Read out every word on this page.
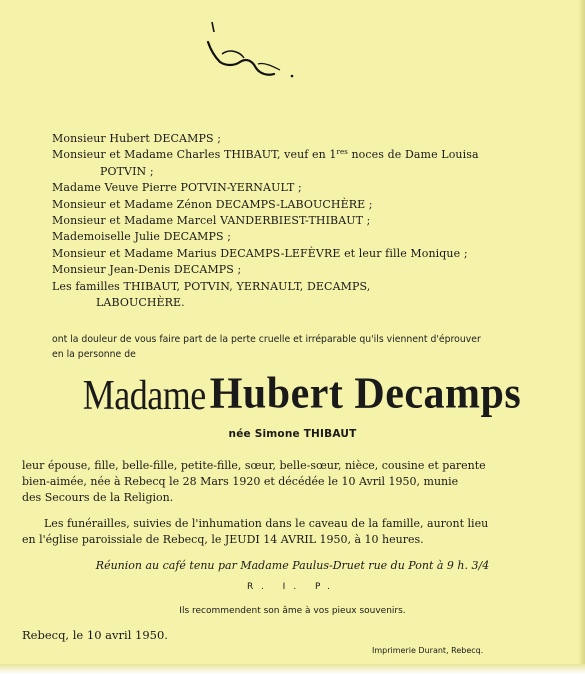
Monsieur Hubert DECAMPS ;
Monsieur et Madame Charles THIBAUT, veuf en 1res noces de Dame Louisa
POTVIN ;
Madame Veuve Pierre POTVIN-YERNAULT ;
Monsieur et Madame Zénon DECAMPS-LABOUCHÈRE ;
Monsieur et Madame Marcel VANDERBIEST-THIBAUT ;
Mademoiselle Julie DECAMPS ;
Monsieur et Madame Marius DECAMPS-LEFÈVRE et leur fille Monique ;
Monsieur Jean-Denis DECAMPS ;
Les familles THIBAUT, POTVIN, YERNAULT, DECAMPS,
LABOUCHÈRE.
ont la douleur de vous faire part de la perte cruelle et irréparable qu'ils viennent d'éprouver
en la personne de
Madame Hubert Decamps
née Simone THIBAUT
leur épouse, fille, belle-fille, petite-fille, sœur, belle-sœur, nièce, cousine et parente
bien-aimée, née à Rebecq le 28 Mars 1920 et décédée le 10 Avril 1950, munie
des Secours de la Religion.
Les funérailles, suivies de l'inhumation dans le caveau de la famille, auront lieu
en l'église paroissiale de Rebecq, le JEUDI 14 AVRIL 1950, à 10 heures.
Réunion au café tenu par Madame Paulus-Druet rue du Pont à 9 h. 3/4
R. I. P.
Ils recommendent son âme à vos pieux souvenirs.
Rebecq, le 10 avril 1950.
Imprimerie Durant, Rebecq.
